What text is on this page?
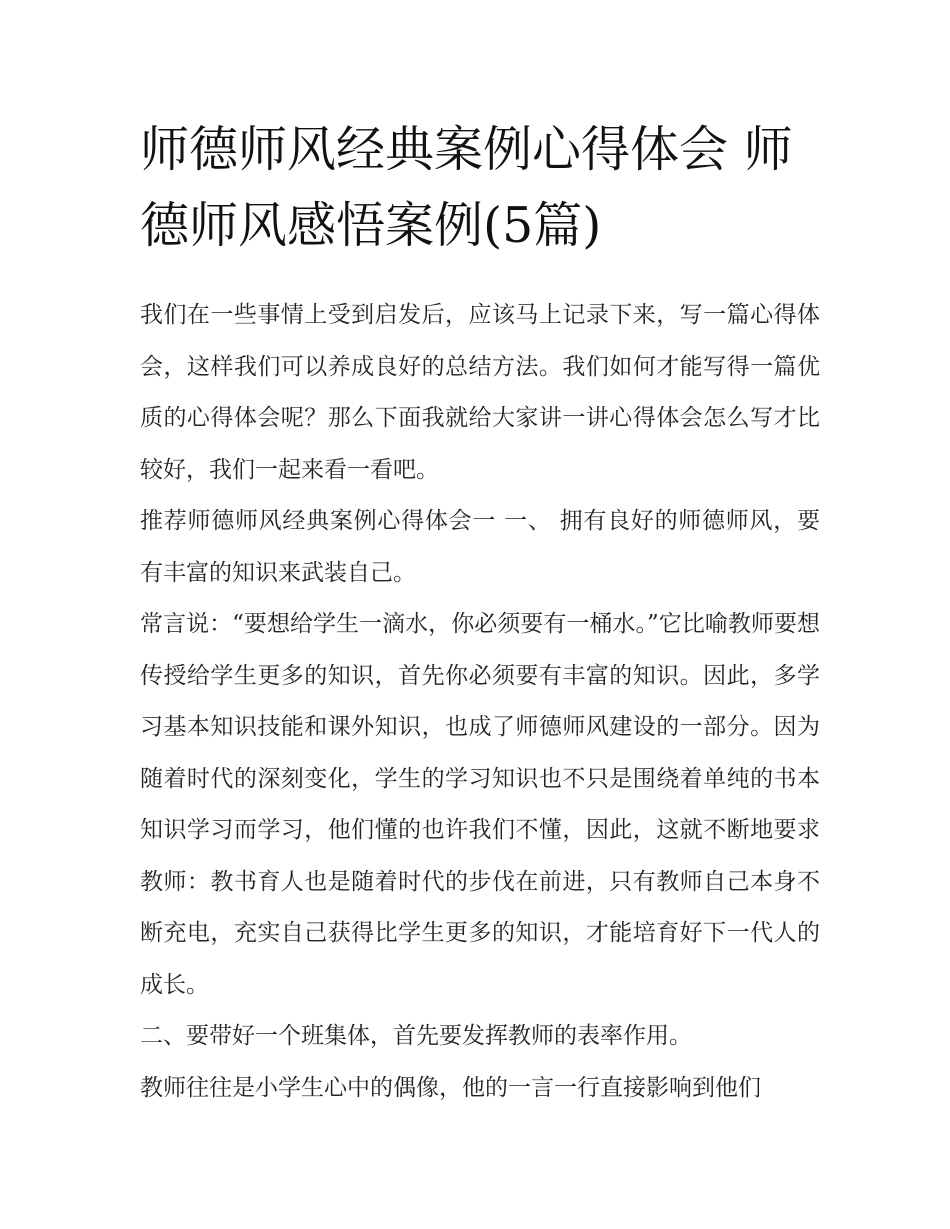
师德师风经典案例心得体会 师德师风感悟案例(5篇)

我们在一些事情上受到启发后，应该马上记录下来，写一篇心得体会，这样我们可以养成良好的总结方法。我们如何才能写得一篇优质的心得体会呢？那么下面我就给大家讲一讲心得体会怎么写才比较好，我们一起来看一看吧。

推荐师德师风经典案例心得体会一 一、 拥有良好的师德师风，要有丰富的知识来武装自己。

常言说：“要想给学生一滴水，你必须要有一桶水。”它比喻教师要想传授给学生更多的知识，首先你必须要有丰富的知识。因此，多学习基本知识技能和课外知识，也成了师德师风建设的一部分。因为随着时代的深刻变化，学生的学习知识也不只是围绕着单纯的书本知识学习而学习，他们懂的也许我们不懂，因此，这就不断地要求教师：教书育人也是随着时代的步伐在前进，只有教师自己本身不断充电，充实自己获得比学生更多的知识，才能培育好下一代人的成长。

二、要带好一个班集体，首先要发挥教师的表率作用。

教师往往是小学生心中的偶像，他的一言一行直接影响到他们
